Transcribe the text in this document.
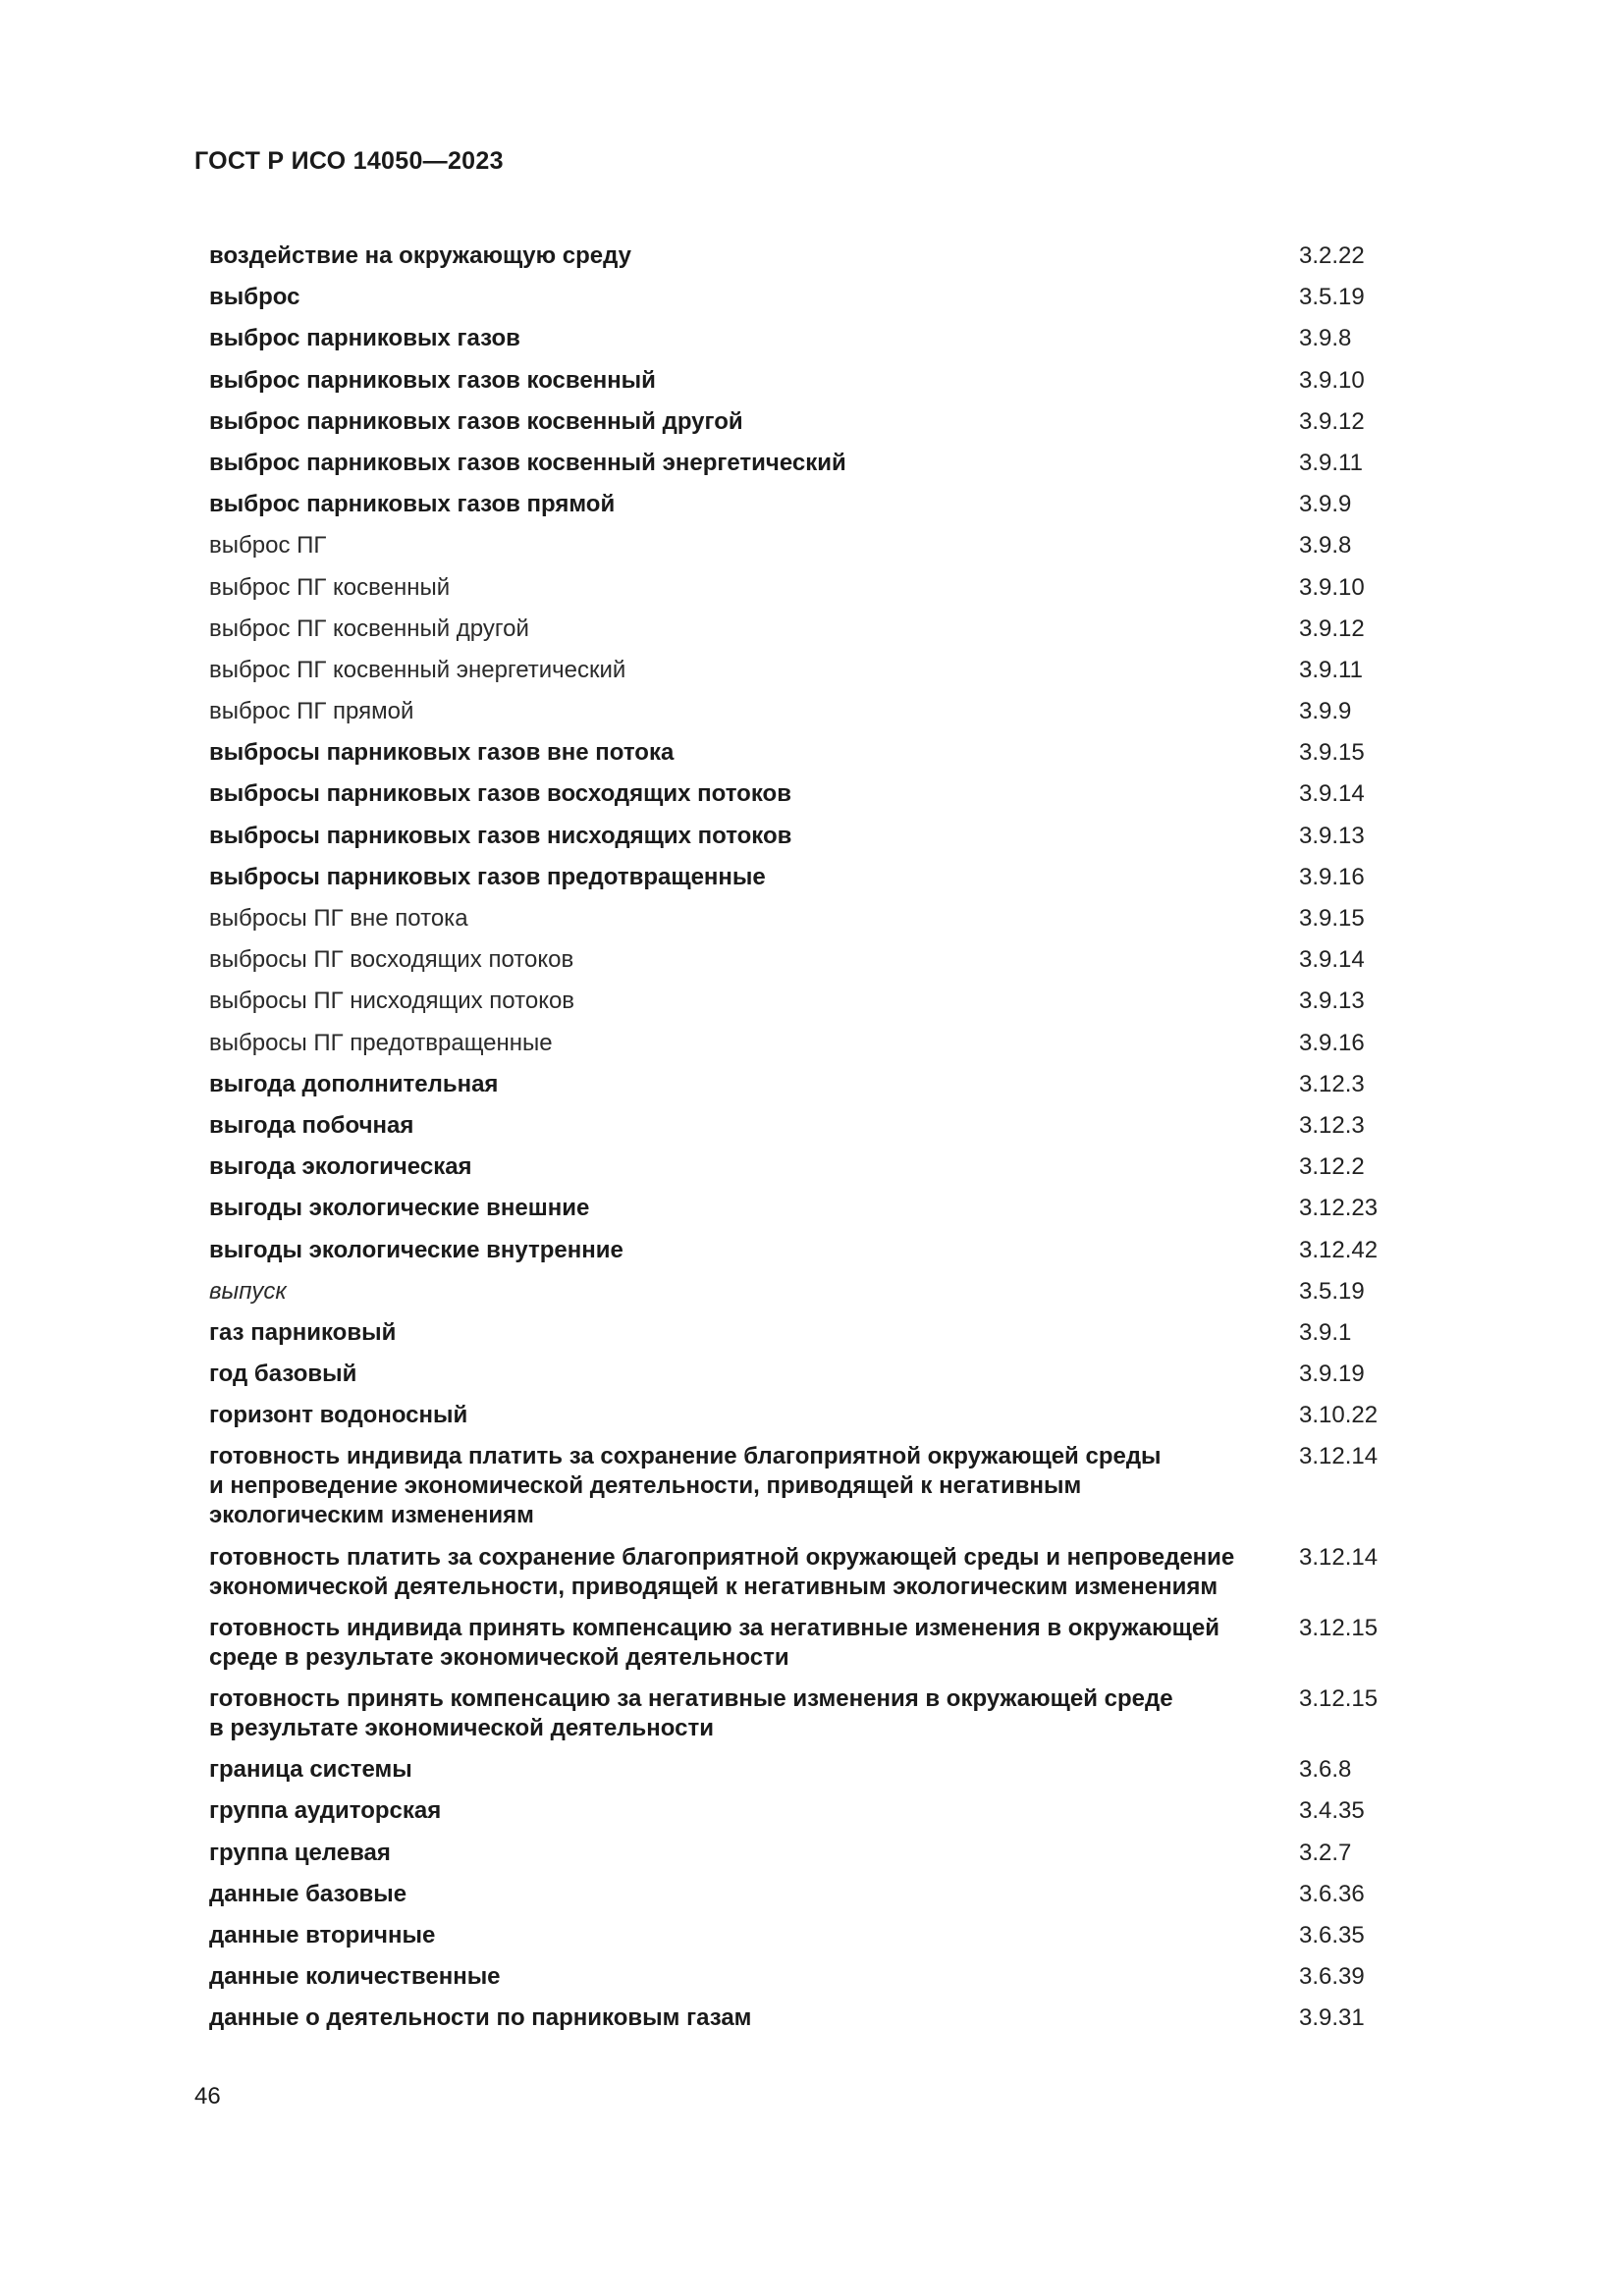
ГОСТ Р ИСО 14050—2023
воздействие на окружающую среду	3.2.22
выброс	3.5.19
выброс парниковых газов	3.9.8
выброс парниковых газов косвенный	3.9.10
выброс парниковых газов косвенный другой	3.9.12
выброс парниковых газов косвенный энергетический	3.9.11
выброс парниковых газов прямой	3.9.9
выброс ПГ	3.9.8
выброс ПГ косвенный	3.9.10
выброс ПГ косвенный другой	3.9.12
выброс ПГ косвенный энергетический	3.9.11
выброс ПГ прямой	3.9.9
выбросы парниковых газов вне потока	3.9.15
выбросы парниковых газов восходящих потоков	3.9.14
выбросы парниковых газов нисходящих потоков	3.9.13
выбросы парниковых газов предотвращенные	3.9.16
выбросы ПГ вне потока	3.9.15
выбросы ПГ восходящих потоков	3.9.14
выбросы ПГ нисходящих потоков	3.9.13
выбросы ПГ предотвращенные	3.9.16
выгода дополнительная	3.12.3
выгода побочная	3.12.3
выгода экологическая	3.12.2
выгоды экологические внешние	3.12.23
выгоды экологические внутренние	3.12.42
выпуск	3.5.19
газ парниковый	3.9.1
год базовый	3.9.19
горизонт водоносный	3.10.22
готовность индивида платить за сохранение благоприятной окружающей среды
и непроведение экономической деятельности, приводящей к негативным
экологическим изменениям
3.12.14
готовность платить за сохранение благоприятной окружающей среды и непроведение
экономической деятельности, приводящей к негативным экологическим изменениям
3.12.14
готовность индивида принять компенсацию за негативные изменения в окружающей
среде в результате экономической деятельности
3.12.15
готовность принять компенсацию за негативные изменения в окружающей среде
в результате экономической деятельности
3.12.15
граница системы	3.6.8
группа аудиторская	3.4.35
группа целевая	3.2.7
данные базовые	3.6.36
данные вторичные	3.6.35
данные количественные	3.6.39
данные о деятельности по парниковым газам	3.9.31
46
